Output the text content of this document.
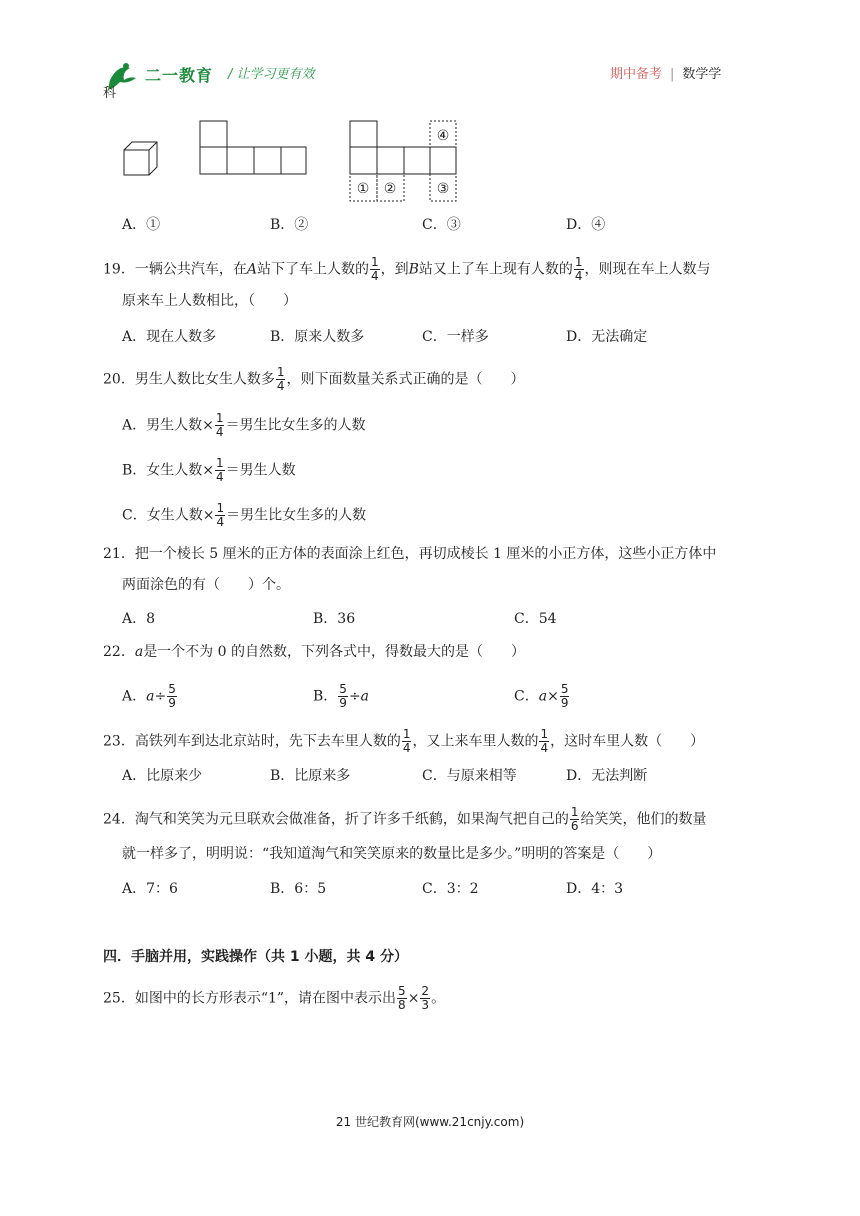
二一教育
科
/ 让学习更有效	期中备考 | 数学学
① ②	③
④
A．①	B．②	C．③	D．④
19．一辆公共汽车，在A站下了车上人数的 $\frac{1}{4}$ ，到B站又上了车上现有人数的 $\frac{1}{4}$ ，则现在车上人数与
原来车上人数相比，（　　）
A．现在人数多	B．原来人数多	C．一样多	D．无法确定
20．男生人数比女生人数多 $\frac{1}{4}$ ，则下面数量关系式正确的是（　　）
A．男生人数× $\frac{1}{4}$ ＝男生比女生多的人数
B．女生人数× $\frac{1}{4}$ ＝男生人数
C．女生人数× $\frac{1}{4}$ ＝男生比女生多的人数
21．把一个棱长 5 厘米的正方体的表面涂上红色，再切成棱长 1 厘米的小正方体，这些小正方体中
两面涂色的有（　　）个。
A．8	B．36	C．54
22．a是一个不为 0 的自然数，下列各式中，得数最大的是（　　）
A．$a\div \frac{5}{9}$	B． $\frac{5}{9} \div a$	C．$a\times \frac{5}{9}$
23．高铁列车到达北京站时，先下去车里人数的 $\frac{1}{4}$ ，又上来车里人数的 $\frac{1}{4}$ ，这时车里人数（　　）
A．比原来少	B．比原来多	C．与原来相等	D．无法判断
24．淘气和笑笑为元旦联欢会做准备，折了许多千纸鹤，如果淘气把自己的 $\frac{1}{6}$ 给笑笑，他们的数量
就一样多了，明明说：“我知道淘气和笑笑原来的数量比是多少。”明明的答案是（　　）
A．7：6	B．6：5	C．3：2	D．4：3
四．手脑并用，实践操作（共 1 小题，共 4 分）
25．如图中的长方形表示“1”，请在图中表示出 $\frac{5}{8} \times \frac{2}{3}$ 。
21 世纪教育网(www.21cnjy.com)
